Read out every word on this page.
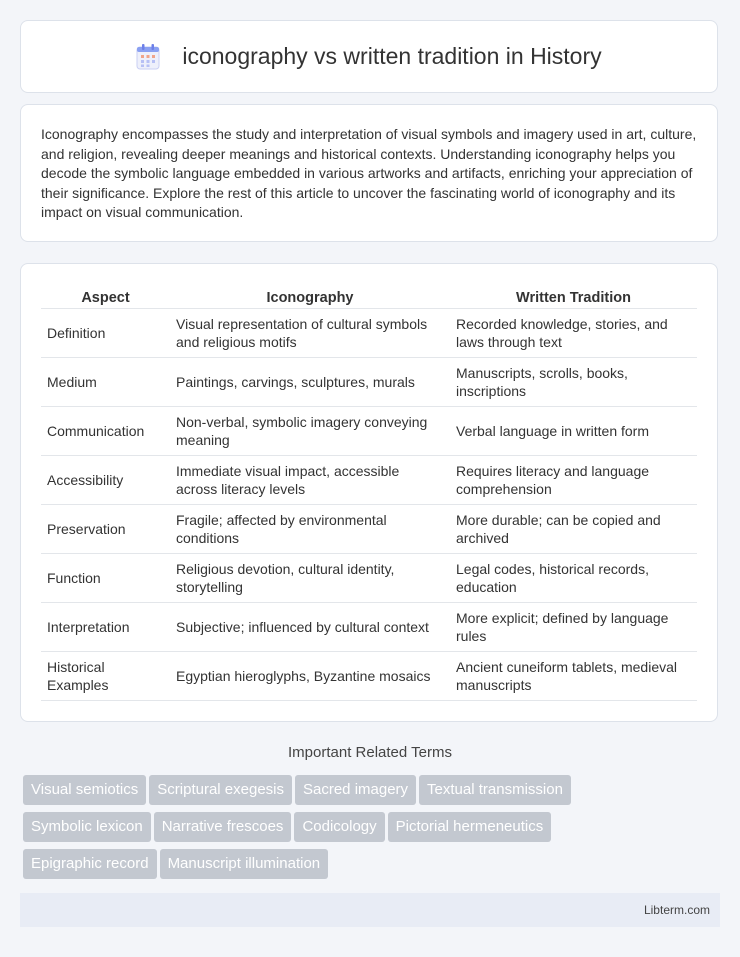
iconography vs written tradition in History

Iconography encompasses the study and interpretation of visual symbols and imagery used in art, culture, and religion, revealing deeper meanings and historical contexts. Understanding iconography helps you decode the symbolic language embedded in various artworks and artifacts, enriching your appreciation of their significance. Explore the rest of this article to uncover the fascinating world of iconography and its impact on visual communication.

Aspect	Iconography	Written Tradition
Definition	Visual representation of cultural symbols and religious motifs	Recorded knowledge, stories, and laws through text
Medium	Paintings, carvings, sculptures, murals	Manuscripts, scrolls, books, inscriptions
Communication	Non-verbal, symbolic imagery conveying meaning	Verbal language in written form
Accessibility	Immediate visual impact, accessible across literacy levels	Requires literacy and language comprehension
Preservation	Fragile; affected by environmental conditions	More durable; can be copied and archived
Function	Religious devotion, cultural identity, storytelling	Legal codes, historical records, education
Interpretation	Subjective; influenced by cultural context	More explicit; defined by language rules
Historical Examples	Egyptian hieroglyphs, Byzantine mosaics	Ancient cuneiform tablets, medieval manuscripts
Important Related Terms
Visual semiotics Scriptural exegesis Sacred imagery Textual transmission
Symbolic lexicon Narrative frescoes Codicology Pictorial hermeneutics
Epigraphic record Manuscript illumination
Libterm.com
